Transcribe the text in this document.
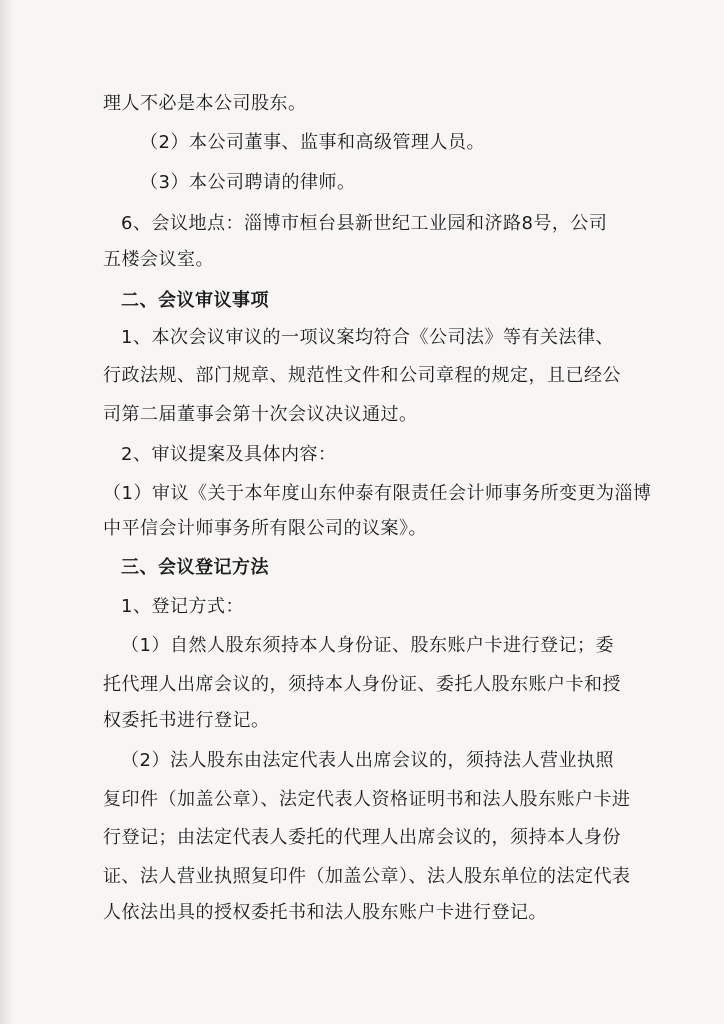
理人不必是本公司股东。
（2）本公司董事、监事和高级管理人员。
（3）本公司聘请的律师。
6、会议地点：淄博市桓台县新世纪工业园和济路8号，公司
五楼会议室。
二、会议审议事项
1、本次会议审议的一项议案均符合《公司法》等有关法律、
行政法规、部门规章、规范性文件和公司章程的规定，且已经公
司第二届董事会第十次会议决议通过。
2、审议提案及具体内容：
（1）审议《关于本年度山东仲泰有限责任会计师事务所变更为淄博
中平信会计师事务所有限公司的议案》。
三、会议登记方法
1、登记方式：
（1）自然人股东须持本人身份证、股东账户卡进行登记；委
托代理人出席会议的，须持本人身份证、委托人股东账户卡和授
权委托书进行登记。
（2）法人股东由法定代表人出席会议的，须持法人营业执照
复印件（加盖公章）、法定代表人资格证明书和法人股东账户卡进
行登记；由法定代表人委托的代理人出席会议的，须持本人身份
证、法人营业执照复印件（加盖公章）、法人股东单位的法定代表
人依法出具的授权委托书和法人股东账户卡进行登记。
